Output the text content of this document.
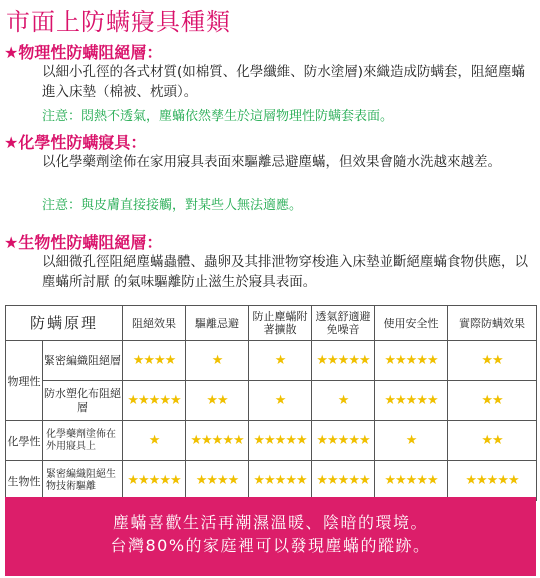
市面上防螨寢具種類
★物理性防螨阻絕層：
以細小孔徑的各式材質(如棉質、化學纖維、防水塗層)來織造成防螨套，阻絕塵蟎進入床墊（棉被、枕頭）。
注意：悶熱不透氣，塵蟎依然孳生於這層物理性防螨套表面。
★化學性防螨寢具：
以化學藥劑塗佈在家用寢具表面來驅離忌避塵蟎，但效果會隨水洗越來越差。
注意：與皮膚直接接觸，對某些人無法適應。
★生物性防螨阻絕層：
以細微孔徑阻絕塵蟎蟲體、蟲卵及其排泄物穿梭進入床墊並斷絕塵蟎食物供應，以塵蟎所討厭 的氣味驅離防止滋生於寢具表面。
防螨原理		阻絕效果	驅離忌避	防止塵蟎附著擴散	透氣舒適避免噪音	使用安全性	實際防螨效果
物理性	緊密編織阻絕層	★★★★	★	★	★★★★★	★★★★★	★★
	防水塑化布阻絕層	★★★★★	★★	★	★	★★★★★	★★
化學性	化學藥劑塗佈在外用寢具上	★	★★★★★	★★★★★	★★★★★	★	★★
生物性	緊密編織阻絕生物技術驅離	★★★★★	★★★★	★★★★★	★★★★★	★★★★★	★★★★★
塵蟎喜歡生活再潮濕溫暖、陰暗的環境。
台灣80%的家庭裡可以發現塵蟎的蹤跡。
